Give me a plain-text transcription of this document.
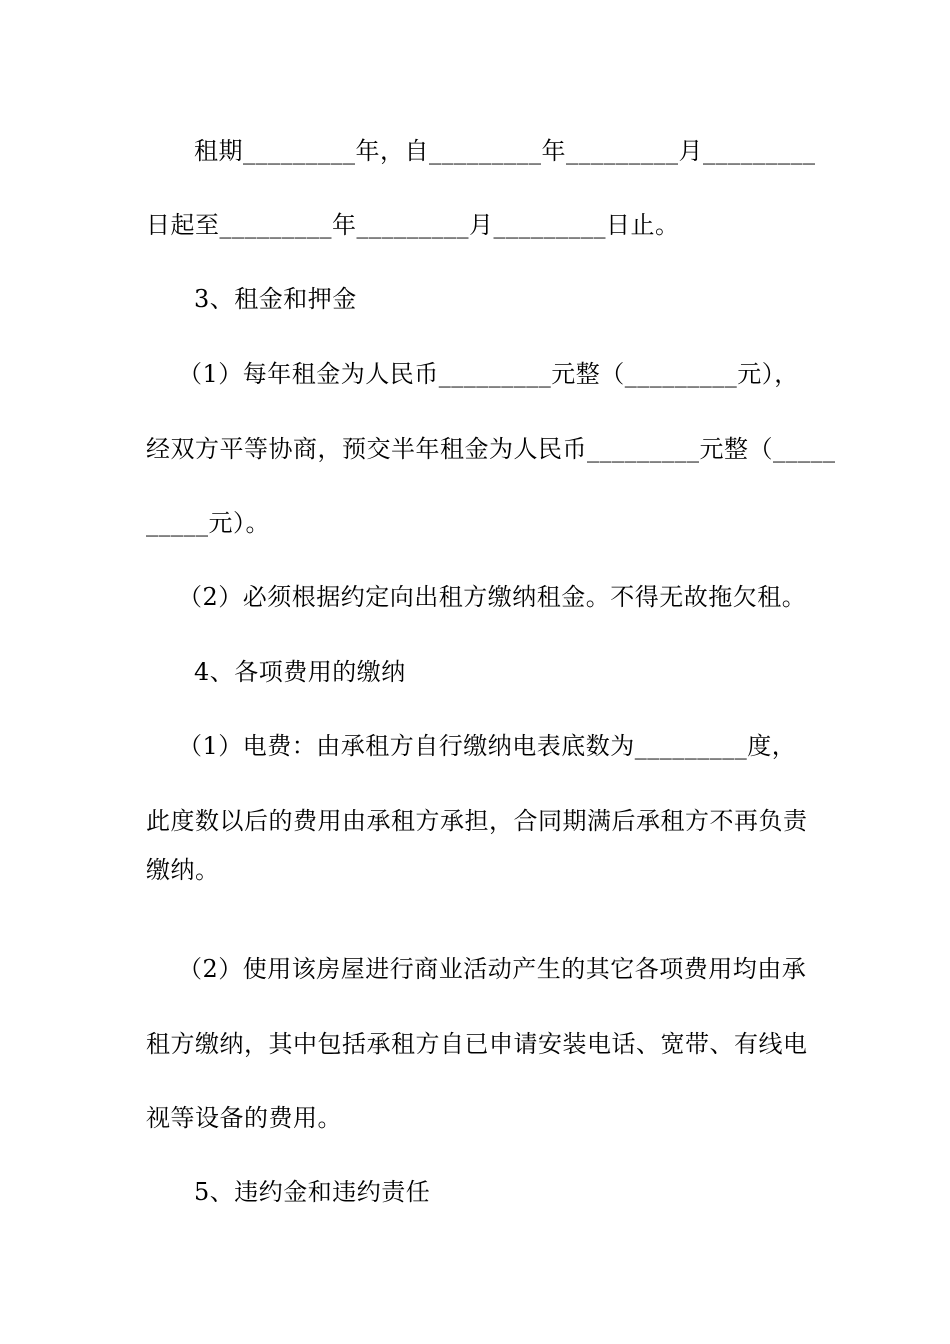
租期_________年，自_________年_________月_________
日起至_________年_________月_________日止。
3、租金和押金
（1）每年租金为人民币_________元整（_________元），
经双方平等协商，预交半年租金为人民币_________元整（_____
_____元）。
（2）必须根据约定向出租方缴纳租金。不得无故拖欠租。
4、各项费用的缴纳
（1）电费：由承租方自行缴纳电表底数为_________度，
此度数以后的费用由承租方承担，合同期满后承租方不再负责
缴纳。
（2）使用该房屋进行商业活动产生的其它各项费用均由承
租方缴纳，其中包括承租方自已申请安装电话、宽带、有线电
视等设备的费用。
5、违约金和违约责任
